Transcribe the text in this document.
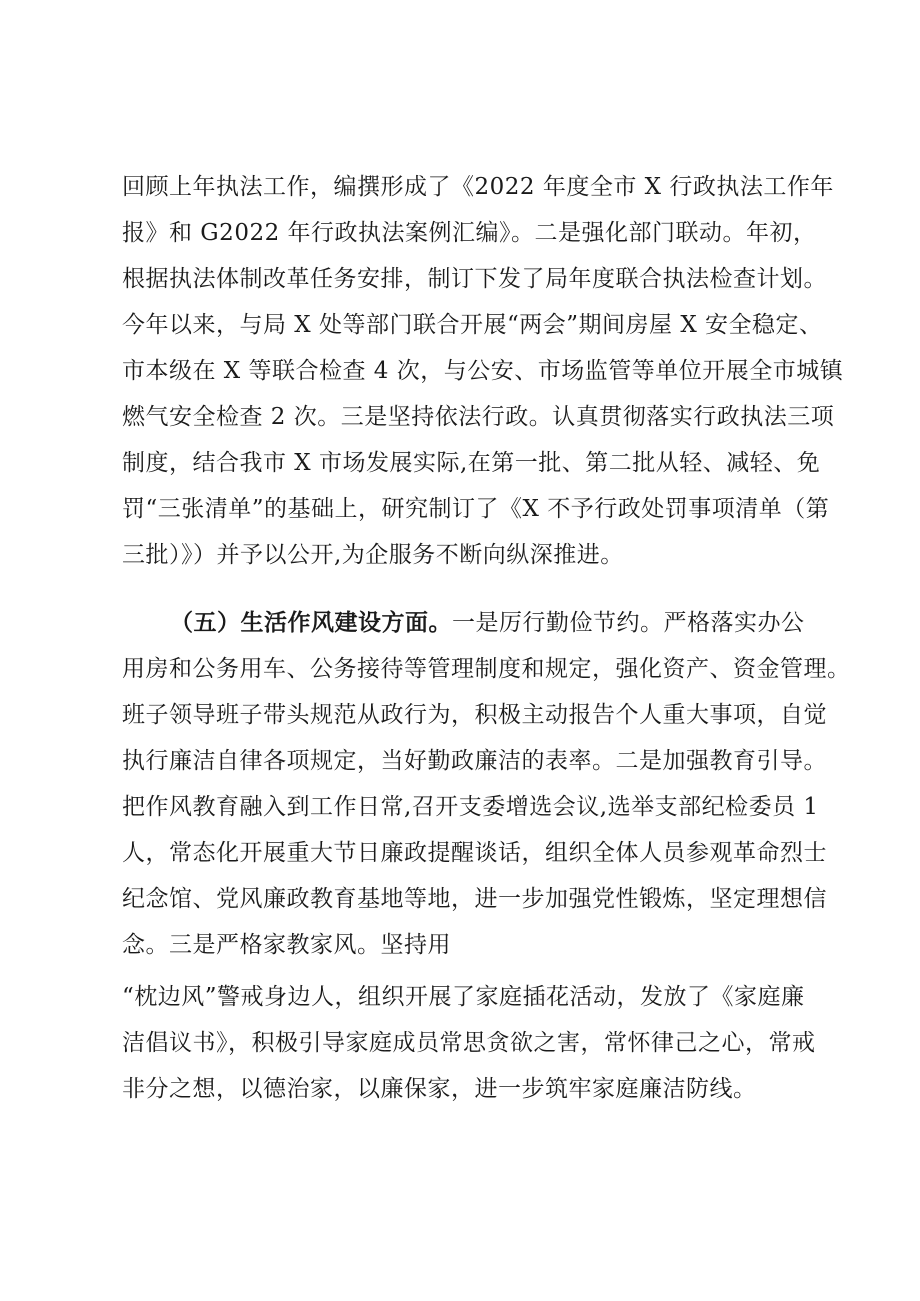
回顾上年执法工作，编撰形成了《2022 年度全市 X 行政执法工作年
报》和 G2022 年行政执法案例汇编》。二是强化部门联动。年初，
根据执法体制改革任务安排，制订下发了局年度联合执法检查计划。
今年以来，与局 X 处等部门联合开展“两会”期间房屋 X 安全稳定、
市本级在 X 等联合检查 4 次，与公安、市场监管等单位开展全市城镇
燃气安全检查 2 次。三是坚持依法行政。认真贯彻落实行政执法三项
制度，结合我市 X 市场发展实际,在第一批、第二批从轻、减轻、免
罚“三张清单”的基础上，研究制订了《X 不予行政处罚事项清单（第
三批）》）并予以公开,为企服务不断向纵深推进。
（五）生活作风建设方面。一是厉行勤俭节约。严格落实办公
用房和公务用车、公务接待等管理制度和规定，强化资产、资金管理。
班子领导班子带头规范从政行为，积极主动报告个人重大事项，自觉
执行廉洁自律各项规定，当好勤政廉洁的表率。二是加强教育引导。
把作风教育融入到工作日常,召开支委增选会议,选举支部纪检委员 1
人，常态化开展重大节日廉政提醒谈话，组织全体人员参观革命烈士
纪念馆、党风廉政教育基地等地，进一步加强党性锻炼，坚定理想信
念。三是严格家教家风。坚持用
“枕边风”警戒身边人，组织开展了家庭插花活动，发放了《家庭廉
洁倡议书》，积极引导家庭成员常思贪欲之害，常怀律己之心，常戒
非分之想，以德治家，以廉保家，进一步筑牢家庭廉洁防线。
